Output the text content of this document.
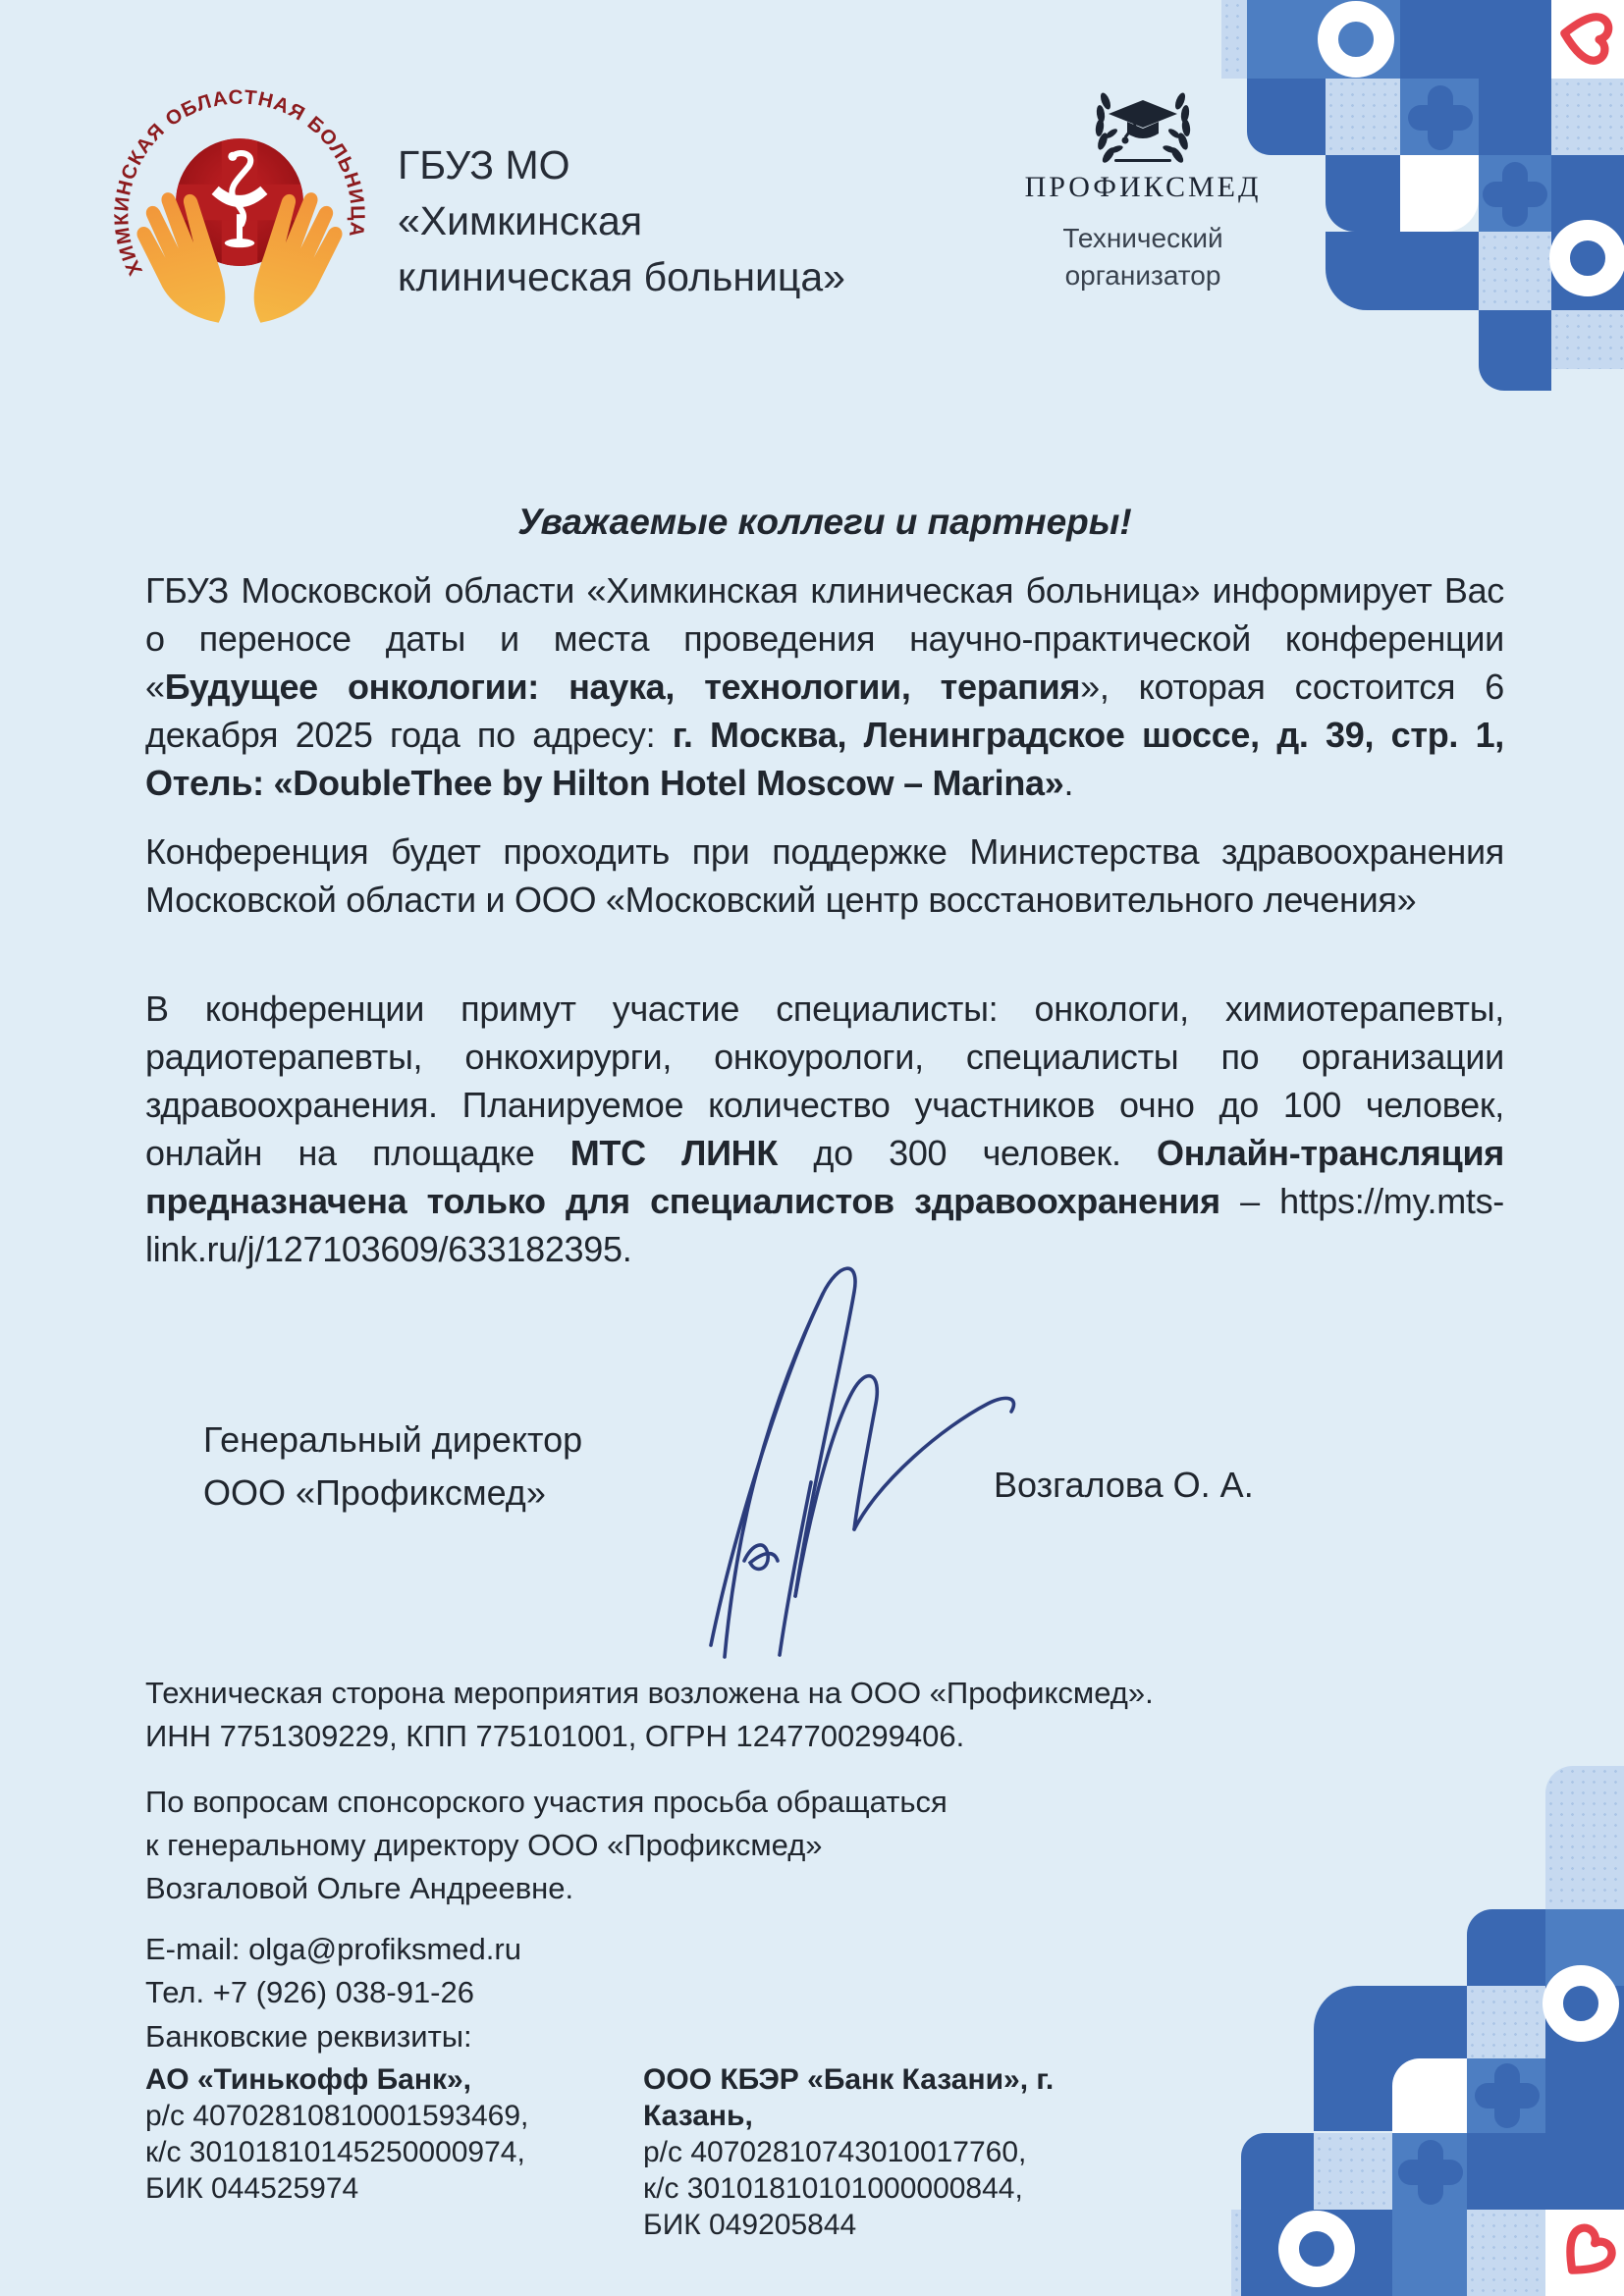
ХИМКИНСКАЯ ОБЛАСТНАЯ БОЛЬНИЦА
ГБУЗ МО
«Химкинская
клиническая больница»
ПРОФИКСМЕД
Технический
организатор
Уважаемые коллеги и партнеры!
ГБУЗ Московской области «Химкинская клиническая больница» информирует Вас о переносе даты и места проведения научно-практической конференции «Будущее онкологии: наука, технологии, терапия», которая состоится 6 декабря 2025 года по адресу: г. Москва, Ленинградское шоссе, д. 39, стр. 1, Отель: «DoubleThee by Hilton Hotel Moscow – Marina».
Конференция будет проходить при поддержке Министерства здравоохранения Московской области и ООО «Московский центр восстановительного лечения»
В конференции примут участие специалисты: онкологи, химиотерапевты, радиотерапевты, онкохирурги, онкоурологи, специалисты по организации здравоохранения. Планируемое количество участников очно до 100 человек, онлайн на площадке МТС ЛИНК до 300 человек. Онлайн-трансляция предназначена только для специалистов здравоохранения – https://my.mts-link.ru/j/127103609/633182395.
Генеральный директор
ООО «Профиксмед»	Возгалова О. А.
Техническая сторона мероприятия возложена на ООО «Профиксмед».
ИНН 7751309229, КПП 775101001, ОГРН 1247700299406.
По вопросам спонсорского участия просьба обращаться
к генеральному директору ООО «Профиксмед»
Возгаловой Ольге Андреевне.
E-mail: olga@profiksmed.ru
Тел. +7 (926) 038-91-26
Банковские реквизиты:
АО «Тинькофф Банк»,
р/с 40702810810001593469,
к/с 30101810145250000974,
БИК 044525974
ООО КБЭР «Банк Казани», г. Казань,
р/с 40702810743010017760,
к/с 30101810101000000844,
БИК 049205844
